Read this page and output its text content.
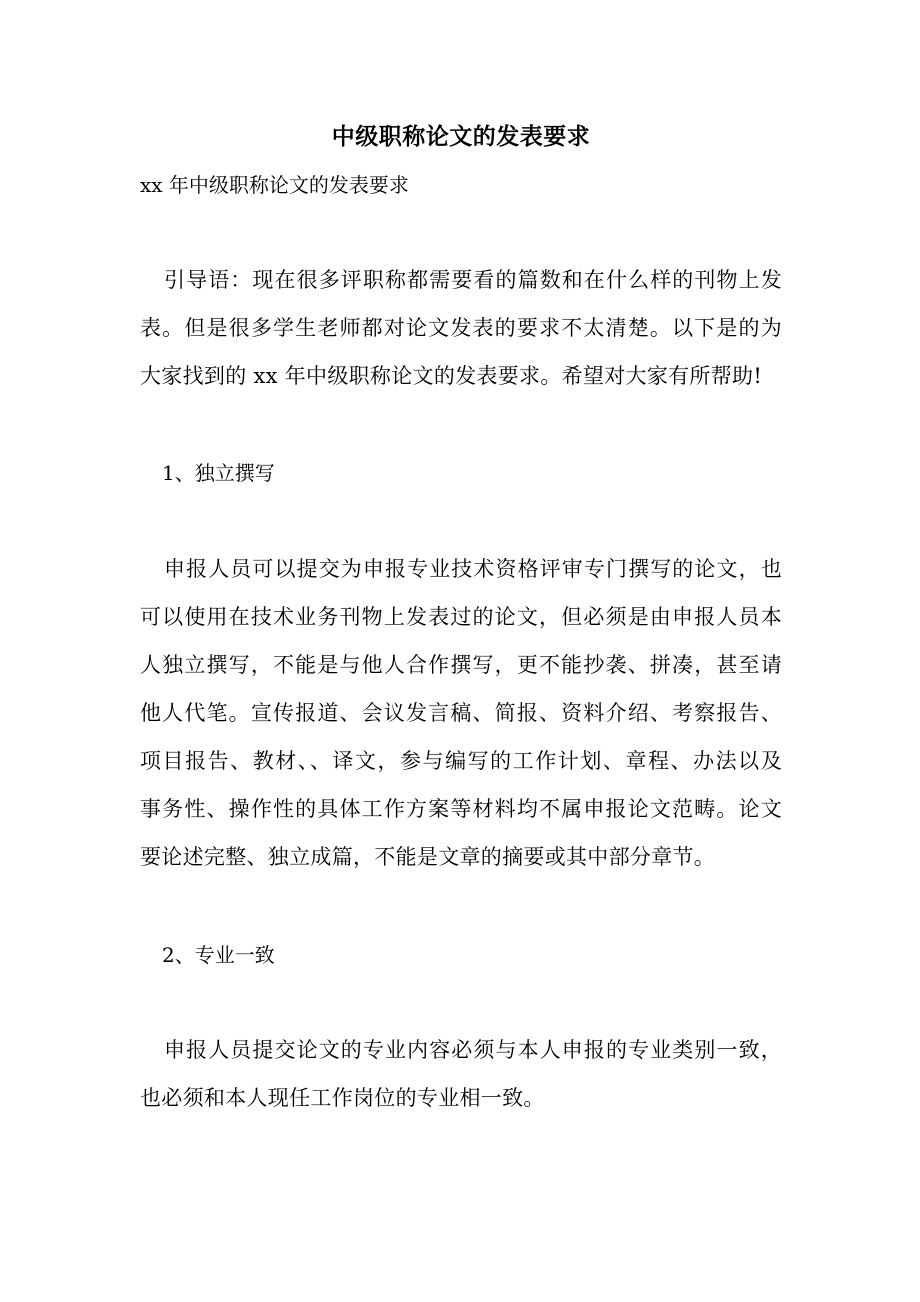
中级职称论文的发表要求
xx 年中级职称论文的发表要求
引导语：现在很多评职称都需要看的篇数和在什么样的刊物上发
表。但是很多学生老师都对论文发表的要求不太清楚。以下是的为
大家找到的 xx 年中级职称论文的发表要求。希望对大家有所帮助!
1、独立撰写
申报人员可以提交为申报专业技术资格评审专门撰写的论文，也
可以使用在技术业务刊物上发表过的论文，但必须是由申报人员本
人独立撰写，不能是与他人合作撰写，更不能抄袭、拼凑，甚至请
他人代笔。宣传报道、会议发言稿、简报、资料介绍、考察报告、
项目报告、教材、、译文，参与编写的工作计划、章程、办法以及
事务性、操作性的具体工作方案等材料均不属申报论文范畴。论文
要论述完整、独立成篇，不能是文章的摘要或其中部分章节。
2、专业一致
申报人员提交论文的专业内容必须与本人申报的专业类别一致，
也必须和本人现任工作岗位的专业相一致。
